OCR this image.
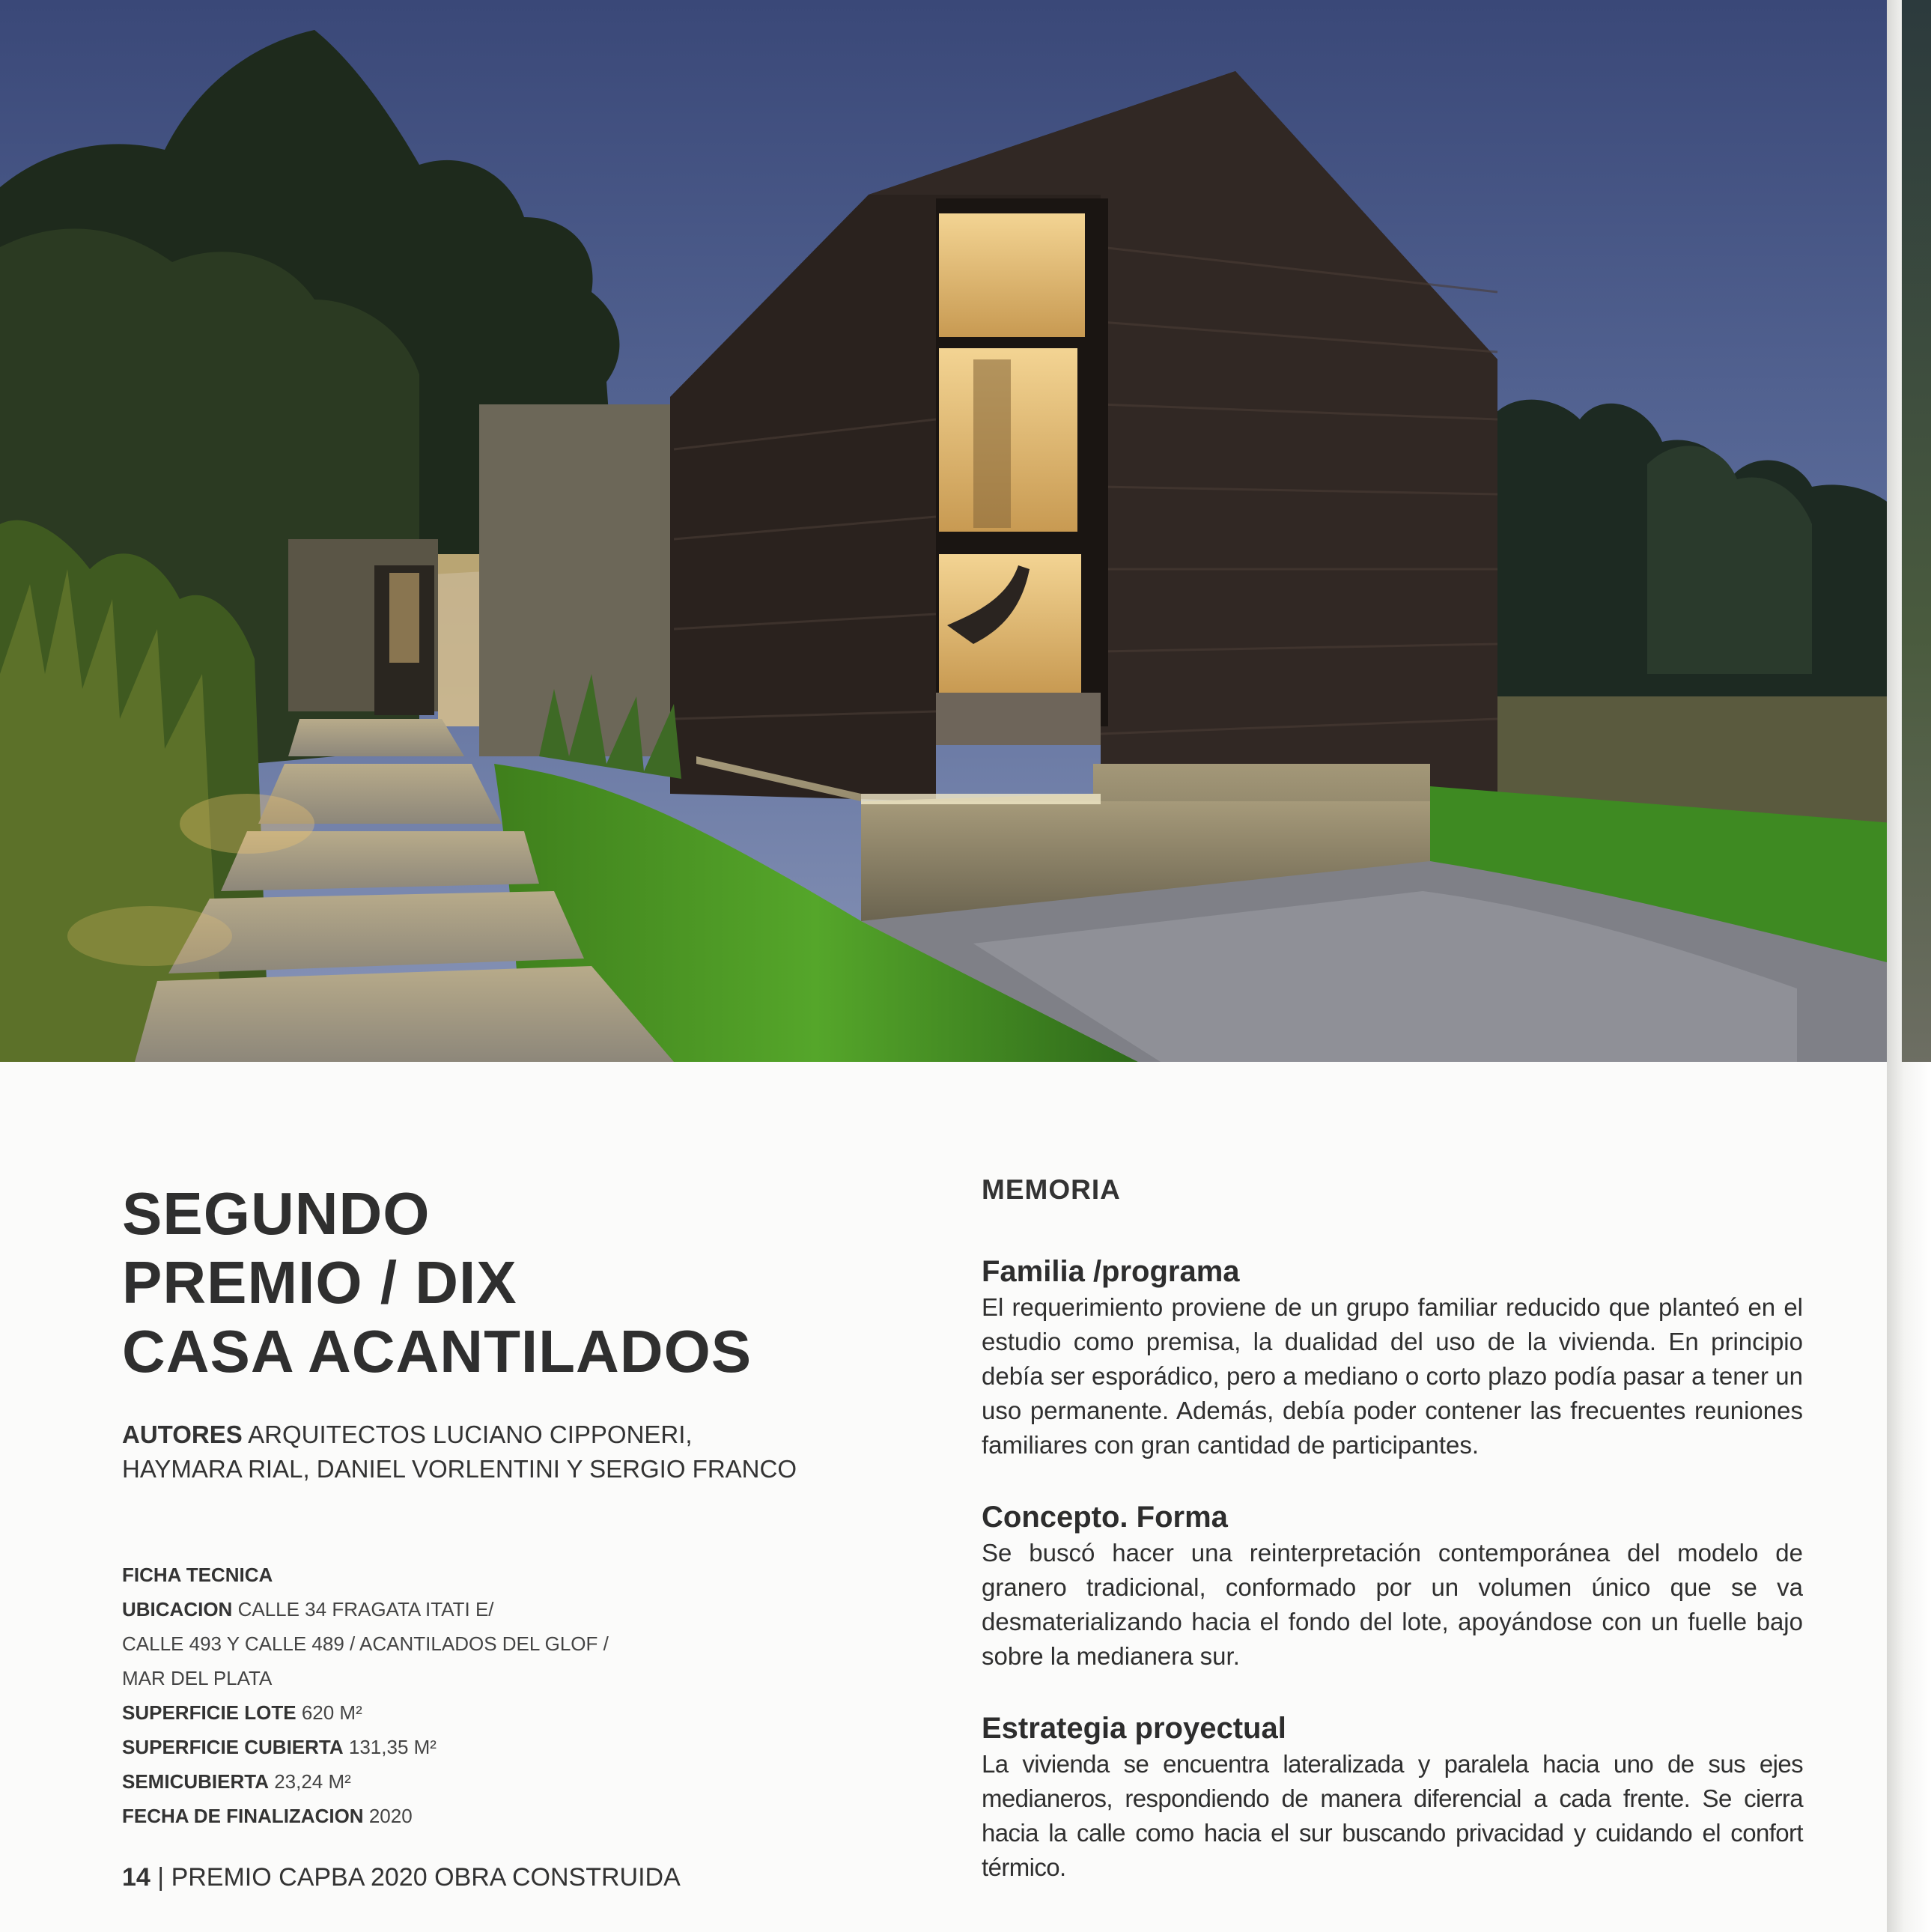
SEGUNDO
PREMIO / DIX
CASA ACANTILADOS
AUTORES ARQUITECTOS LUCIANO CIPPONERI,
HAYMARA RIAL, DANIEL VORLENTINI Y SERGIO FRANCO
FICHA TECNICA
UBICACION CALLE 34 FRAGATA ITATI E/
CALLE 493 Y CALLE 489 / ACANTILADOS DEL GLOF /
MAR DEL PLATA
SUPERFICIE LOTE 620 M²
SUPERFICIE CUBIERTA 131,35 M²
SEMICUBIERTA 23,24 M²
FECHA DE FINALIZACION 2020
14 | PREMIO CAPBA 2020 OBRA CONSTRUIDA
MEMORIA
Familia /programa

El requerimiento proviene de un grupo familiar reducido que planteó en el estudio como premisa, la dualidad del uso de la vivienda. En principio debía ser esporádico, pero a mediano o corto plazo podía pasar a tener un uso permanente. Además, debía poder contener las frecuentes reuniones familiares con gran cantidad de participantes.

Concepto. Forma

Se buscó hacer una reinterpretación contemporánea del modelo de granero tradicional, conformado por un volumen único que se va desmaterializando hacia el fondo del lote, apoyándose con un fuelle bajo sobre la medianera sur.

Estrategia proyectual

La vivienda se encuentra lateralizada y paralela hacia uno de sus ejes medianeros, respondiendo de manera diferencial a cada frente. Se cierra hacia la calle como hacia el sur buscando privacidad y cuidando el confort térmico.
